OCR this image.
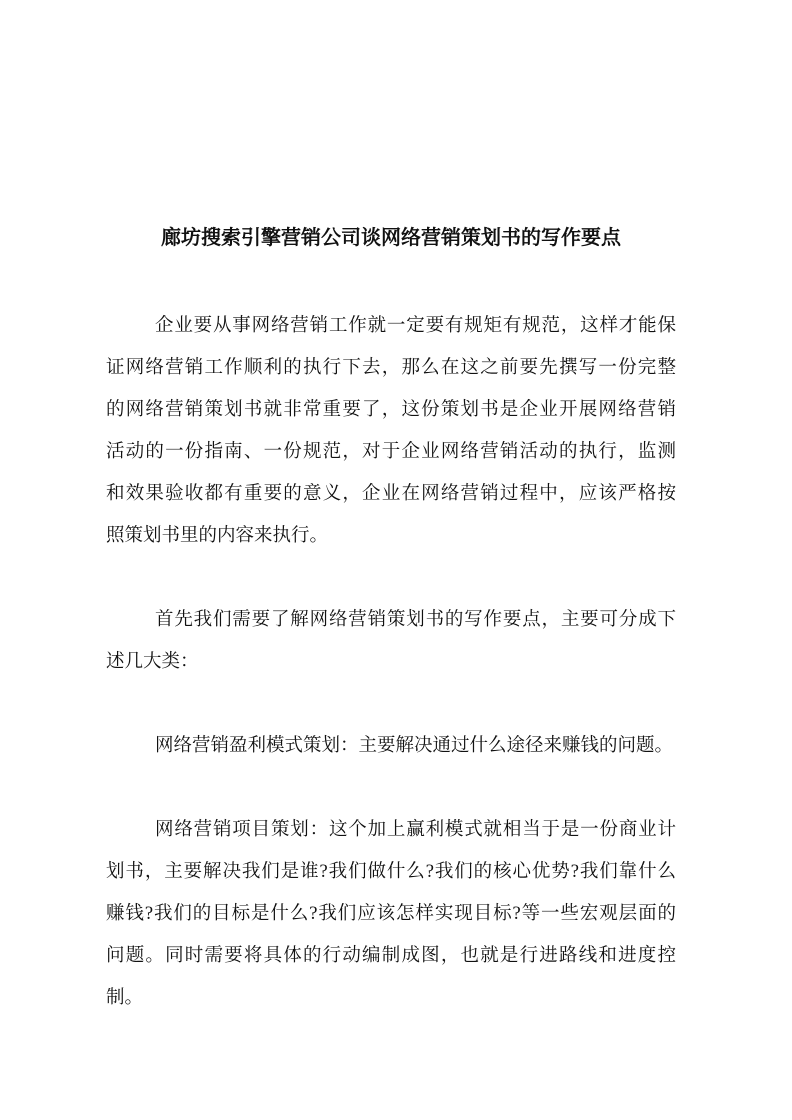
廊坊搜索引擎营销公司谈网络营销策划书的写作要点
企业要从事网络营销工作就一定要有规矩有规范，这样才能保
证网络营销工作顺利的执行下去，那么在这之前要先撰写一份完整
的网络营销策划书就非常重要了，这份策划书是企业开展网络营销
活动的一份指南、一份规范，对于企业网络营销活动的执行，监测
和效果验收都有重要的意义，企业在网络营销过程中，应该严格按
照策划书里的内容来执行。
首先我们需要了解网络营销策划书的写作要点，主要可分成下
述几大类：
网络营销盈利模式策划：主要解决通过什么途径来赚钱的问题。
网络营销项目策划：这个加上赢利模式就相当于是一份商业计
划书，主要解决我们是谁?我们做什么?我们的核心优势?我们靠什么
赚钱?我们的目标是什么?我们应该怎样实现目标?等一些宏观层面的
问题。同时需要将具体的行动编制成图，也就是行进路线和进度控
制。
